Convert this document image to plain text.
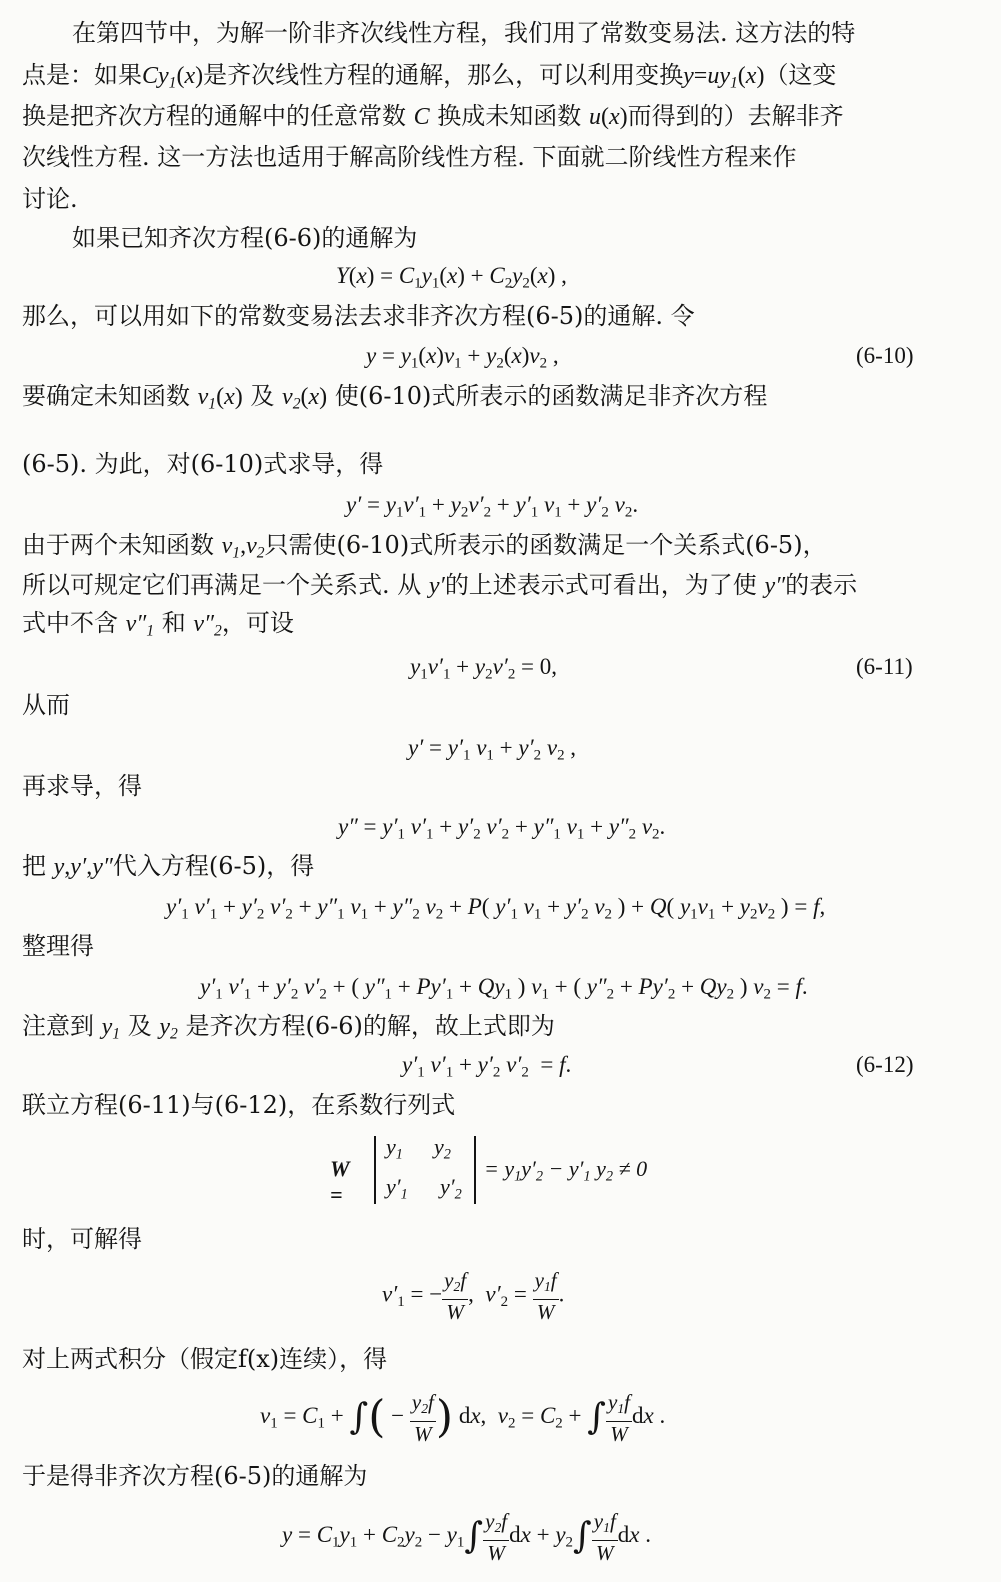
在第四节中，为解一阶非齐次线性方程，我们用了常数变易法. 这方法的特
点是：如果$Cy_1(x)$是齐次线性方程的通解，那么，可以利用变换$y=uy_1(x)$（这变
换是把齐次方程的通解中的任意常数 C 换成未知函数 u(x)而得到的）去解非齐
次线性方程. 这一方法也适用于解高阶线性方程. 下面就二阶线性方程来作
讨论.
如果已知齐次方程(6-6)的通解为
$Y(x) = C_1y_1(x) + C_2y_2(x)$ ,
那么，可以用如下的常数变易法去求非齐次方程(6-5)的通解. 令
$y = y_1(x)v_1 + y_2(x)v_2$ ,	(6-10)
要确定未知函数 $v_1(x)$ 及 $v_2(x)$ 使(6-10)式所表示的函数满足非齐次方程
(6-5). 为此，对(6-10)式求导，得
$y' = y_1v'_1 + y_2v'_2 + y'_1$ $v_1 + y'_2$ $v_2$.
由于两个未知函数 $v_1,v_2$只需使(6-10)式所表示的函数满足一个关系式(6-5)，
所以可规定它们再满足一个关系式. 从 y′的上述表示式可看出，为了使 y″的表示
式中不含 $v''_1$ 和 $v''_2$，可设
$y_1v'_1 + y_2v'_2 = 0$,	(6-11)
从而
$y' = y'_1$ $v_1 + y'_2$ $v_2$ ,
再求导，得
$y'' = y'_1$ $v'_1 + y'_2$ $v'_2 + y''_1$ $v_1 + y''_2$ $v_2$.
把 y,y′,y″代入方程(6-5)，得
$y'_1$ $v'_1 + y'_2$ $v'_2 + y''_1$ $v_1 + y''_2$ $v_2 + P$( $y'_1$ $v_1 + y'_2$ $v_2$ ) + Q( $y_1v_1 + y_2v_2$ ) = f,
整理得
$y'_1$ $v'_1 + y'_2$ $v'_2$ + ( $y''_1 + Py'_1 + Qy_1$ ) $v_1$ + ( $y''_2 + Py'_2 + Qy_2$ ) $v_2 = f$.
注意到 $y_1$ 及 $y_2$ 是齐次方程(6-6)的解，故上式即为
$y'_1$ $v'_1 + y'_2$ $v'_2 = f$.	(6-12)
联立方程(6-11)与(6-12)，在系数行列式
W =
$y_1$ $y_2$
$y'_1$ $y'_2$
= $y_1y'_2 - y'_1$ $y_2 \ne 0$
时，可解得
$v'_1$ = − $\frac{y_2f}{W}$ ,  $v'_2 = \frac{y_1f}{W}$ .
对上两式积分（假定f(x)连续），得
$v_1 = C_1$ + ∫( − $\frac{y_2f}{W}$ ) dx,  $v_2 = C_2$ + ∫ $\frac{y_1f}{W}$ dx .
于是得非齐次方程(6-5)的通解为
$y = C_1y_1 + C_2y_2 - y_1\int \frac{y_2f}{W}$ dx + $y_2\int \frac{y_1f}{W}$ dx .
